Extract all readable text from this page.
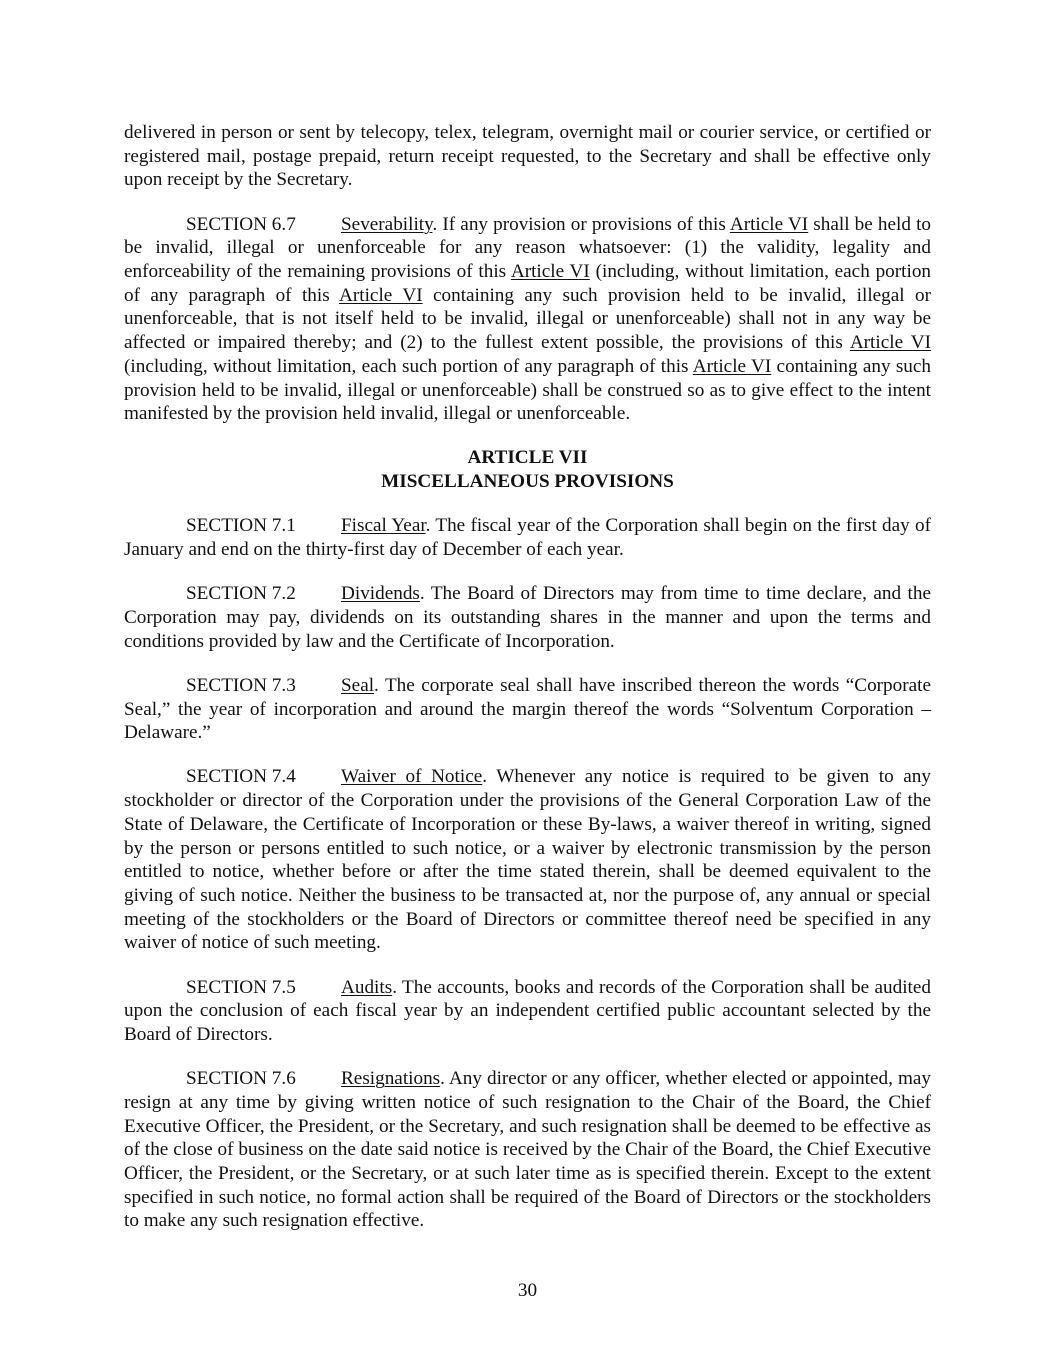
delivered in person or sent by telecopy, telex, telegram, overnight mail or courier service, or certified or registered mail, postage prepaid, return receipt requested, to the Secretary and shall be effective only upon receipt by the Secretary.

SECTION 6.7 Severability. If any provision or provisions of this Article VI shall be held to be invalid, illegal or unenforceable for any reason whatsoever: (1) the validity, legality and enforceability of the remaining provisions of this Article VI (including, without limitation, each portion of any paragraph of this Article VI containing any such provision held to be invalid, illegal or unenforceable, that is not itself held to be invalid, illegal or unenforceable) shall not in any way be affected or impaired thereby; and (2) to the fullest extent possible, the provisions of this Article VI (including, without limitation, each such portion of any paragraph of this Article VI containing any such provision held to be invalid, illegal or unenforceable) shall be construed so as to give effect to the intent manifested by the provision held invalid, illegal or unenforceable.

ARTICLE VII

MISCELLANEOUS PROVISIONS

SECTION 7.1 Fiscal Year. The fiscal year of the Corporation shall begin on the first day of January and end on the thirty-first day of December of each year.

SECTION 7.2 Dividends. The Board of Directors may from time to time declare, and the Corporation may pay, dividends on its outstanding shares in the manner and upon the terms and conditions provided by law and the Certificate of Incorporation.

SECTION 7.3 Seal. The corporate seal shall have inscribed thereon the words “Corporate Seal,” the year of incorporation and around the margin thereof the words “Solventum Corporation – Delaware.”

SECTION 7.4 Waiver of Notice. Whenever any notice is required to be given to any stockholder or director of the Corporation under the provisions of the General Corporation Law of the State of Delaware, the Certificate of Incorporation or these By-laws, a waiver thereof in writing, signed by the person or persons entitled to such notice, or a waiver by electronic transmission by the person entitled to notice, whether before or after the time stated therein, shall be deemed equivalent to the giving of such notice. Neither the business to be transacted at, nor the purpose of, any annual or special meeting of the stockholders or the Board of Directors or committee thereof need be specified in any waiver of notice of such meeting.

SECTION 7.5 Audits. The accounts, books and records of the Corporation shall be audited upon the conclusion of each fiscal year by an independent certified public accountant selected by the Board of Directors.

SECTION 7.6 Resignations. Any director or any officer, whether elected or appointed, may resign at any time by giving written notice of such resignation to the Chair of the Board, the Chief Executive Officer, the President, or the Secretary, and such resignation shall be deemed to be effective as of the close of business on the date said notice is received by the Chair of the Board, the Chief Executive Officer, the President, or the Secretary, or at such later time as is specified therein. Except to the extent specified in such notice, no formal action shall be required of the Board of Directors or the stockholders to make any such resignation effective.

30
